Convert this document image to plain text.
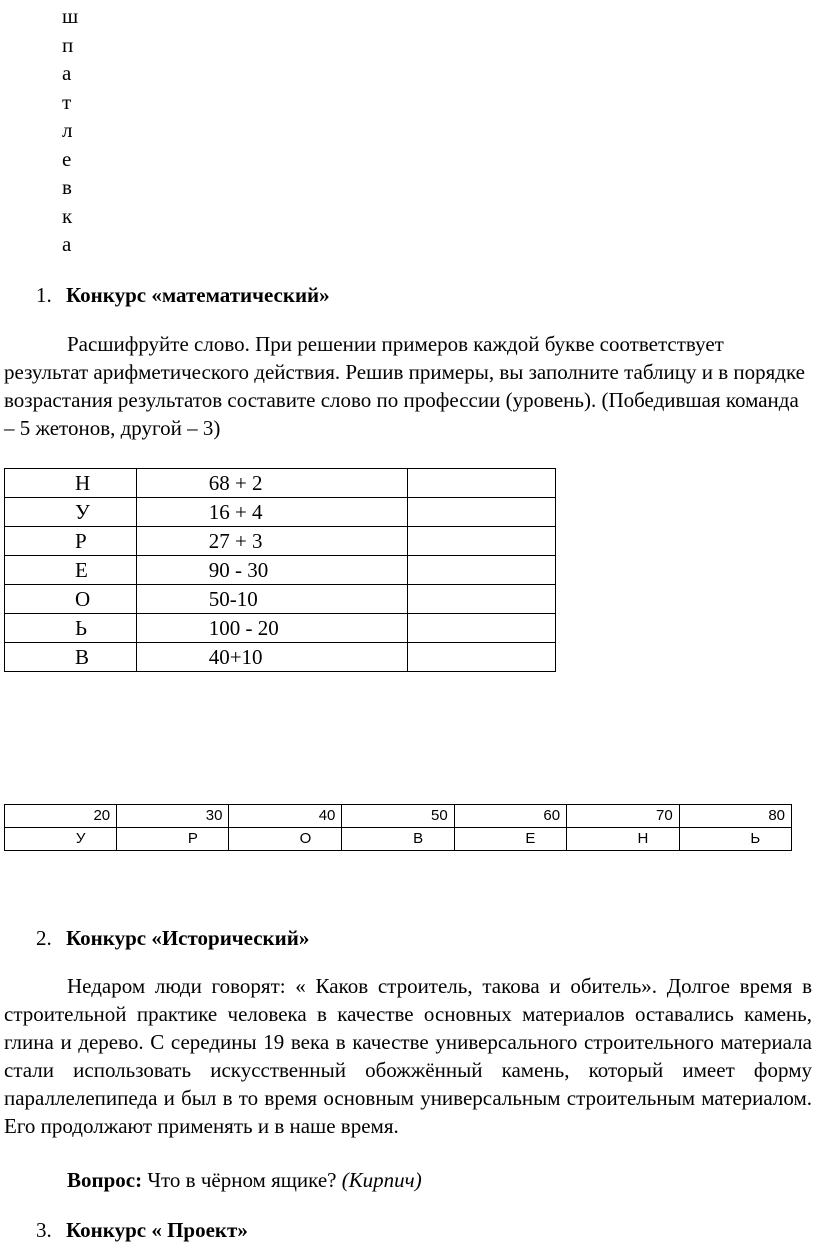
ш
п
а
т
л
е
в
к
а
1. Конкурс «математический»
Расшифруйте слово. При решении примеров каждой букве соответствует результат арифметического действия. Решив примеры, вы заполните таблицу и в порядке возрастания результатов составите слово по профессии (уровень). (Победившая команда – 5 жетонов, другой – 3)
Н	68 + 2	
У	16 + 4	
Р	27 + 3	
Е	90 - 30	
О	50-10	
Ь	100 - 20	
В	40+10	
20	30	40	50	60	70	80
У	Р	О	В	Е	Н	Ь
2. Конкурс «Исторический»
Недаром люди говорят: « Каков строитель, такова и обитель». Долгое время в строительной практике человека в качестве основных материалов оставались камень, глина и дерево. С середины 19 века в качестве универсального строительного материала стали использовать искусственный обожжённый камень, который имеет форму параллелепипеда и был в то время основным универсальным строительным материалом. Его продолжают применять и в наше время.
Вопрос: Что в чёрном ящике? (Кирпич)
3. Конкурс « Проект»
